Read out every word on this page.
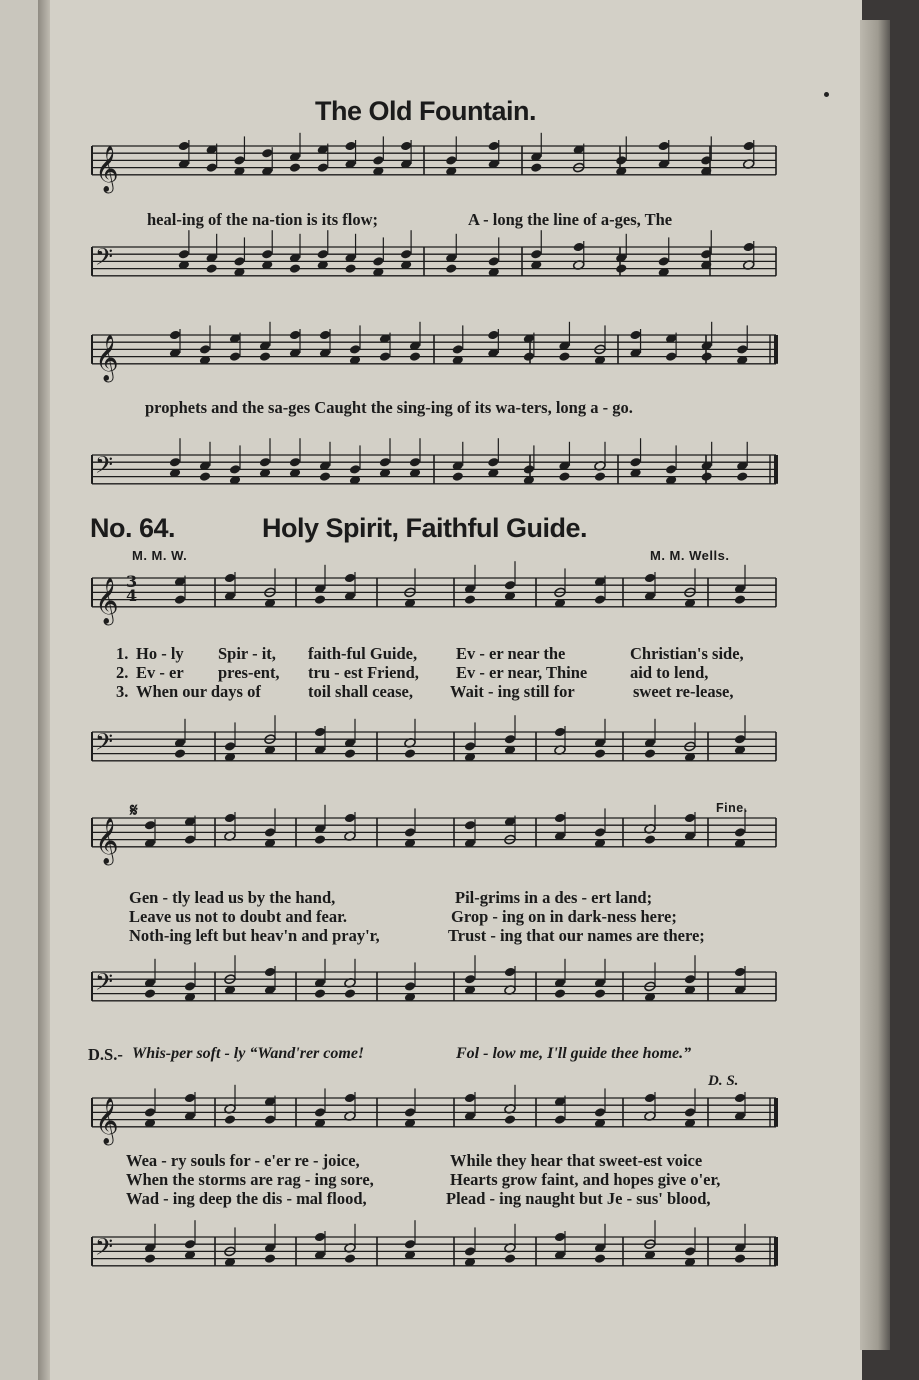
𝄞
𝄢
𝄞
𝄢
3
4
𝄞
𝄢
𝄞
𝄢
𝄞
𝄢
The Old Fountain.
heal-ing of the na-tion is its flow;	A - long the line of a-ges, The
prophets and the sa-ges Caught the sing-ing of its wa-ters, long a - go.
No. 64.	Holy Spirit, Faithful Guide.
M. M. W.	M. M. Wells.
1. Ho - ly Spir - it, faith-ful Guide, Ev - er near the	Christian's side,
2. Ev - er pres-ent, tru - est Friend, Ev - er near, Thine	aid to lend,
3. When our days of	toil shall cease, Wait - ing still for	sweet re-lease,
𝄋	Fine.
Gen - tly lead us by the hand,	Pil-grims in a des - ert land;
Leave us not to doubt and fear.	Grop - ing on in dark-ness here;
Noth-ing left but heav'n and pray'r,	Trust - ing that our names are there;
D.S.- Whis-per soft - ly “Wand'rer come!	Fol - low me, I'll guide thee home.”
D. S.
Wea - ry souls for - e'er re - joice,	While they hear that sweet-est voice
When the storms are rag - ing sore,	Hearts grow faint, and hopes give o'er,
Wad - ing deep the dis - mal flood,	Plead - ing naught but Je - sus' blood,
